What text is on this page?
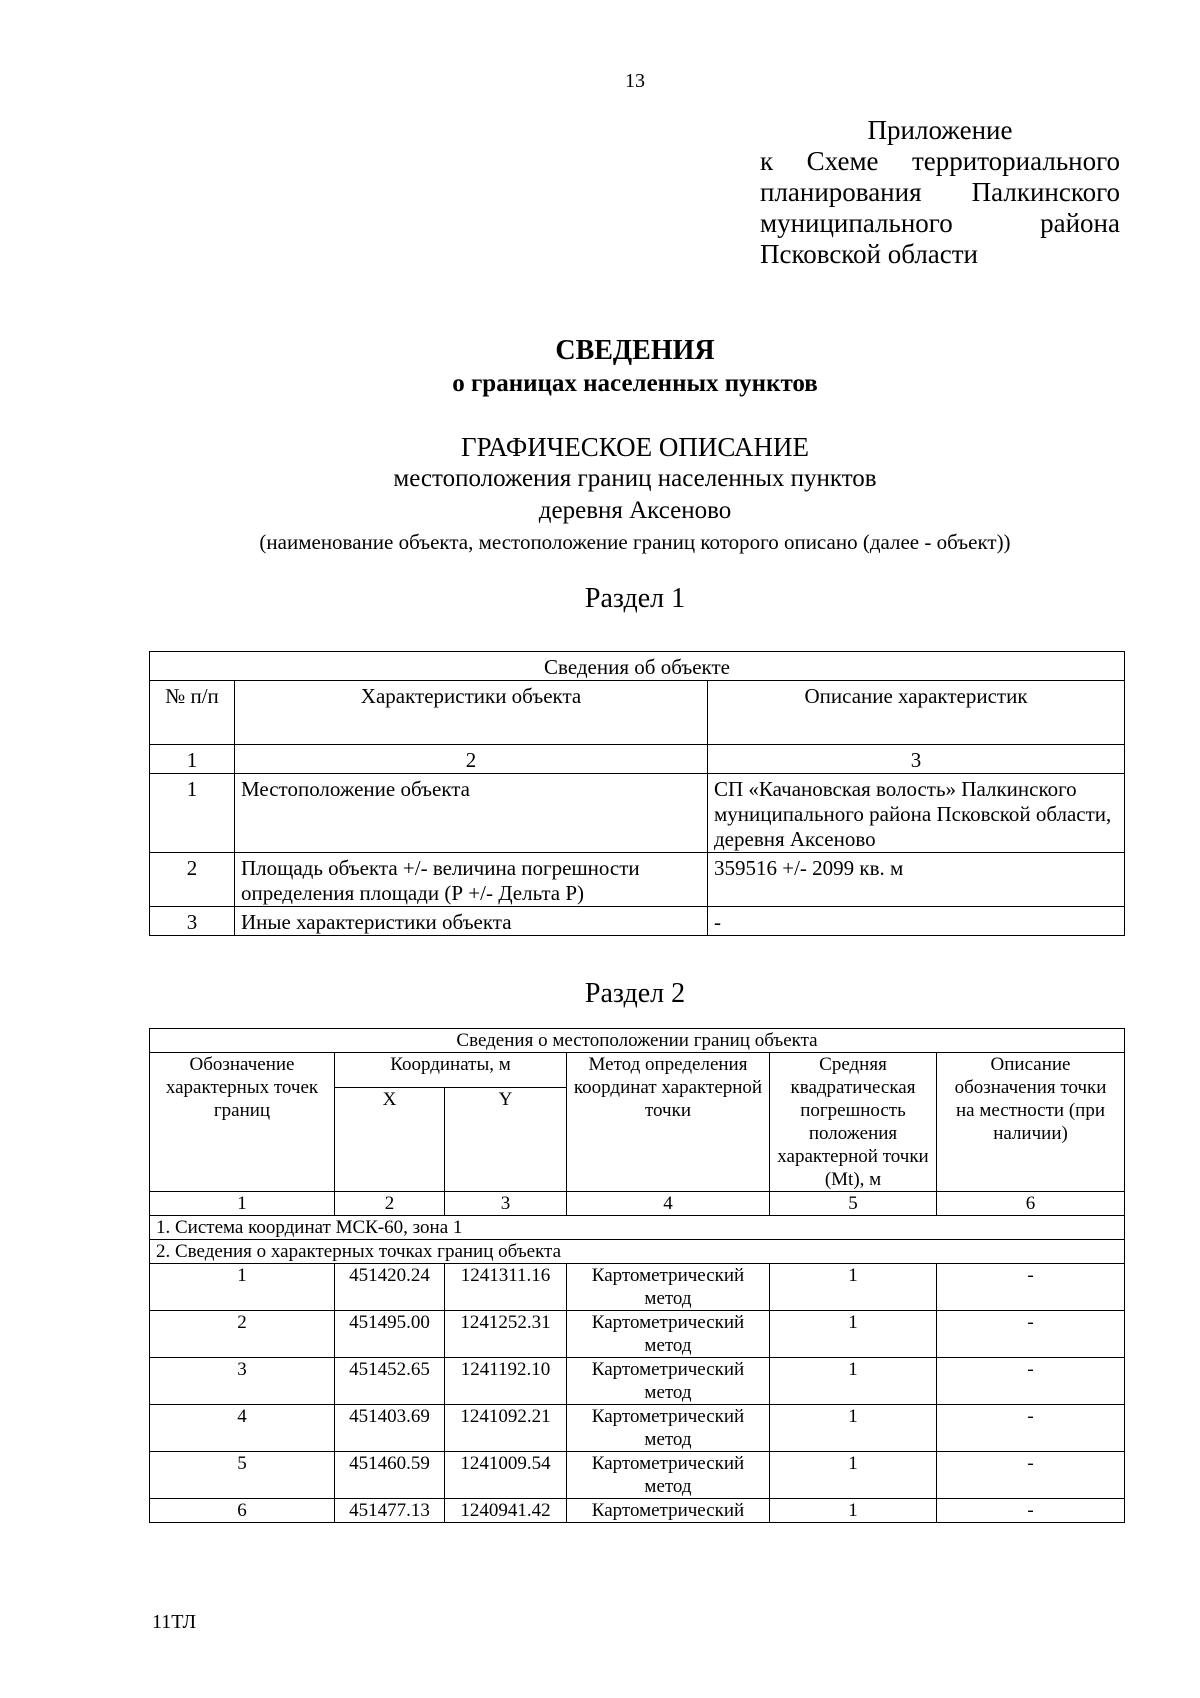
13
Приложение
к Схеме территориального
планирования Палкинского
муниципального района
Псковской области
СВЕДЕНИЯ
о границах населенных пунктов
ГРАФИЧЕСКОЕ ОПИСАНИЕ
местоположения границ населенных пунктов
деревня Аксеново
(наименование объекта, местоположение границ которого описано (далее - объект))
Раздел 1
Сведения об объекте		
№ п/п	Характеристики объекта	Описание характеристик
1	2	3
1	Местоположение объекта	СП «Качановская волость» Палкинского муниципального района Псковской области, деревня Аксеново
2	Площадь объекта +/- величина погрешности определения площади (Р +/- Дельта Р)	359516 +/- 2099 кв. м
3	Иные характеристики объекта	-
Раздел 2
Сведения о местоположении границ объекта					
Обозначение характерных точек границ	Координаты, м		Метод определения координат характерной точки	Средняя квадратическая погрешность положения характерной точки (Mt), м	Описание обозначения точки на местности (при наличии)
	X	Y			
1	2	3	4	5	6
1. Система координат МСК-60, зона 1					
2. Сведения о характерных точках границ объекта					
1	451420.24	1241311.16	Картометрический метод	1	-
2	451495.00	1241252.31	Картометрический метод	1	-
3	451452.65	1241192.10	Картометрический метод	1	-
4	451403.69	1241092.21	Картометрический метод	1	-
5	451460.59	1241009.54	Картометрический метод	1	-
6	451477.13	1240941.42	Картометрический	1	-
11ТЛ
